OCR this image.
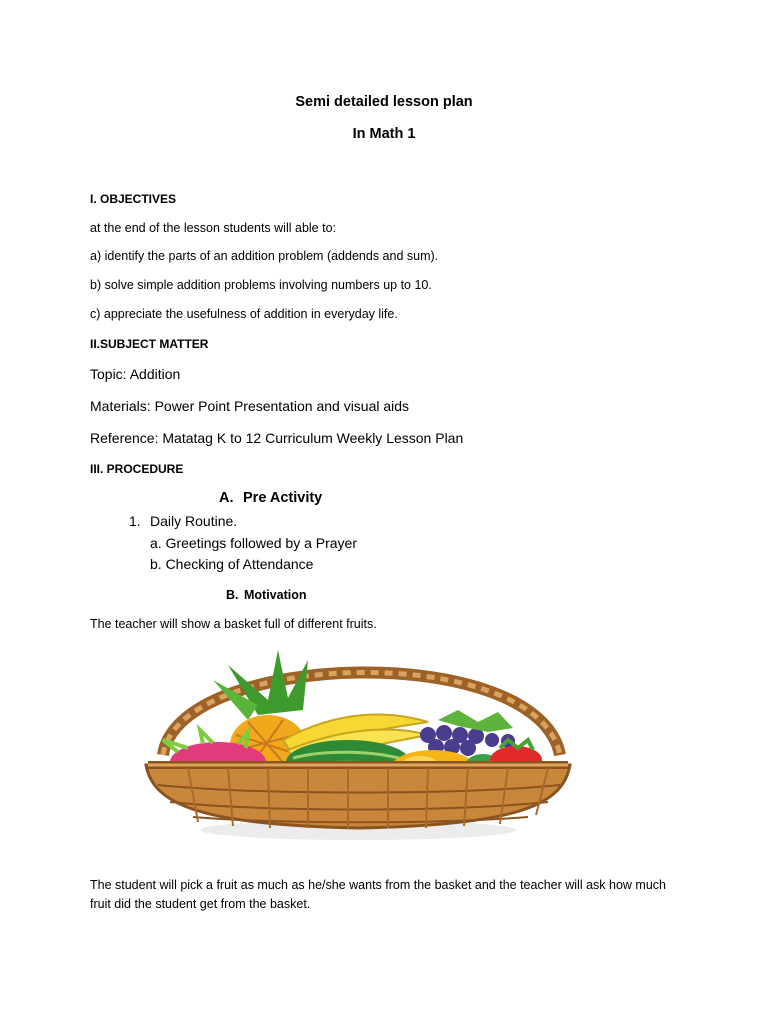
Semi detailed lesson plan
In Math 1
I. OBJECTIVES
at the end of the lesson students will able to:
a) identify the parts of an addition problem (addends and sum).
b) solve simple addition problems involving numbers up to 10.
c) appreciate the usefulness of addition in everyday life.
II.SUBJECT MATTER
Topic: Addition
Materials: Power Point Presentation and visual aids
Reference: Matatag K to 12 Curriculum Weekly Lesson Plan
III. PROCEDURE
A. Pre Activity
1. Daily Routine.
a. Greetings followed by a Prayer
b. Checking of Attendance
B. Motivation
The teacher will show a basket full of different fruits.
The student will pick a fruit as much as he/she wants from the basket and the teacher will ask how much fruit did the student get from the basket.
